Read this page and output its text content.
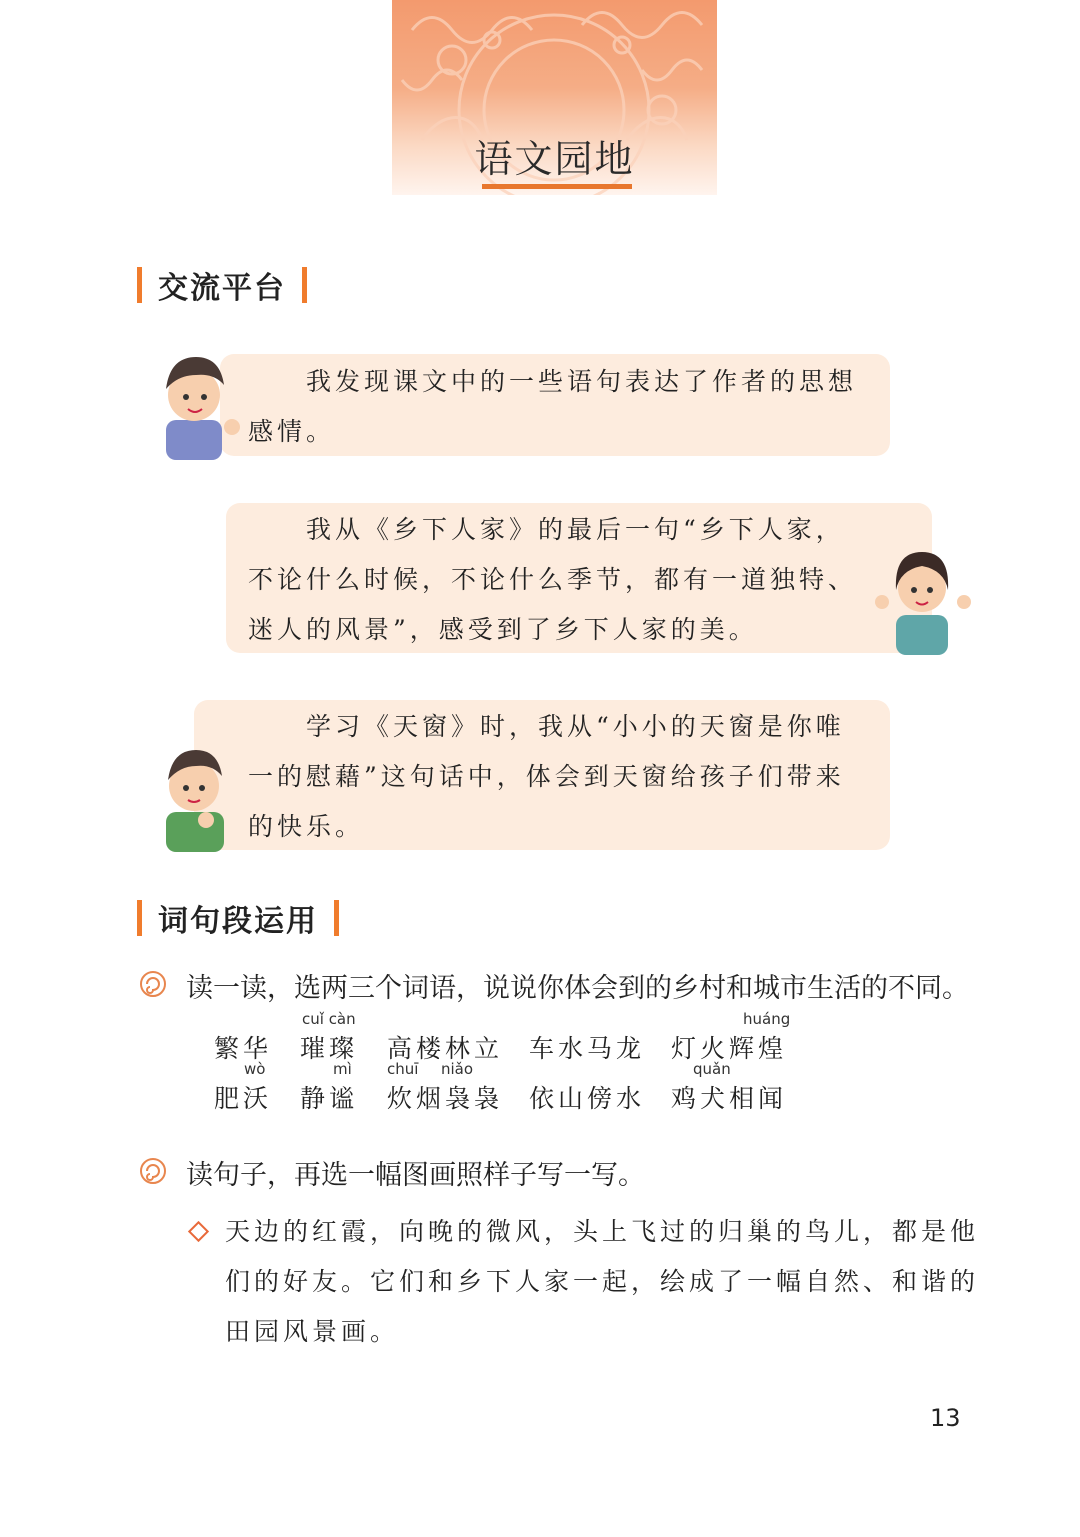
语文园地
交流平台
我发现课文中的一些语句表达了作者的思想
感情。
我从《乡下人家》的最后一句“乡下人家，
不论什么时候，不论什么季节，都有一道独特、
迷人的风景”，感受到了乡下人家的美。
学习《天窗》时，我从“小小的天窗是你唯
一的慰藉”这句话中，体会到天窗给孩子们带来
的快乐。
词句段运用
读一读，选两三个词语，说说你体会到的乡村和城市生活的不同。
cuǐ càn	huáng
繁华 璀璨 高楼林立 车水马龙 灯火辉煌
wò	mì chuī niǎo	quǎn
肥沃 静谧 炊烟袅袅 依山傍水 鸡犬相闻
读句子，再选一幅图画照样子写一写。
天边的红霞，向晚的微风，头上飞过的归巢的鸟儿，都是他
们的好友。它们和乡下人家一起，绘成了一幅自然、和谐的
田园风景画。
13
